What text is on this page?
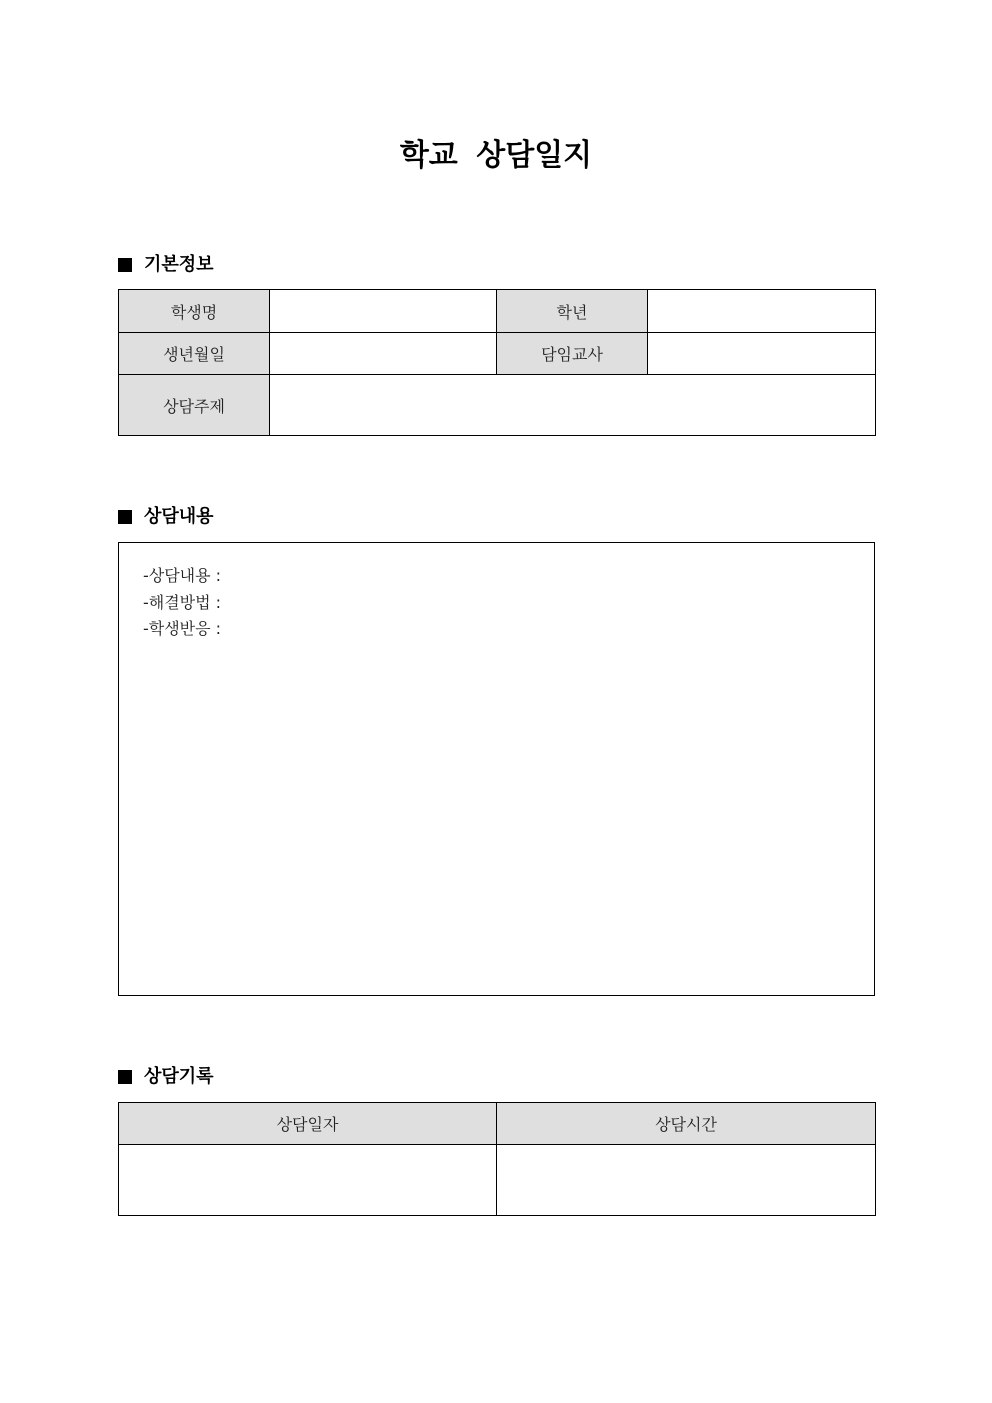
학교 상담일지
기본정보
학생명		학년	
생년월일		담임교사	
상담주제			
상담내용
-상담내용 :
-해결방법 :
-학생반응 :
상담기록
상담일자	상담시간
